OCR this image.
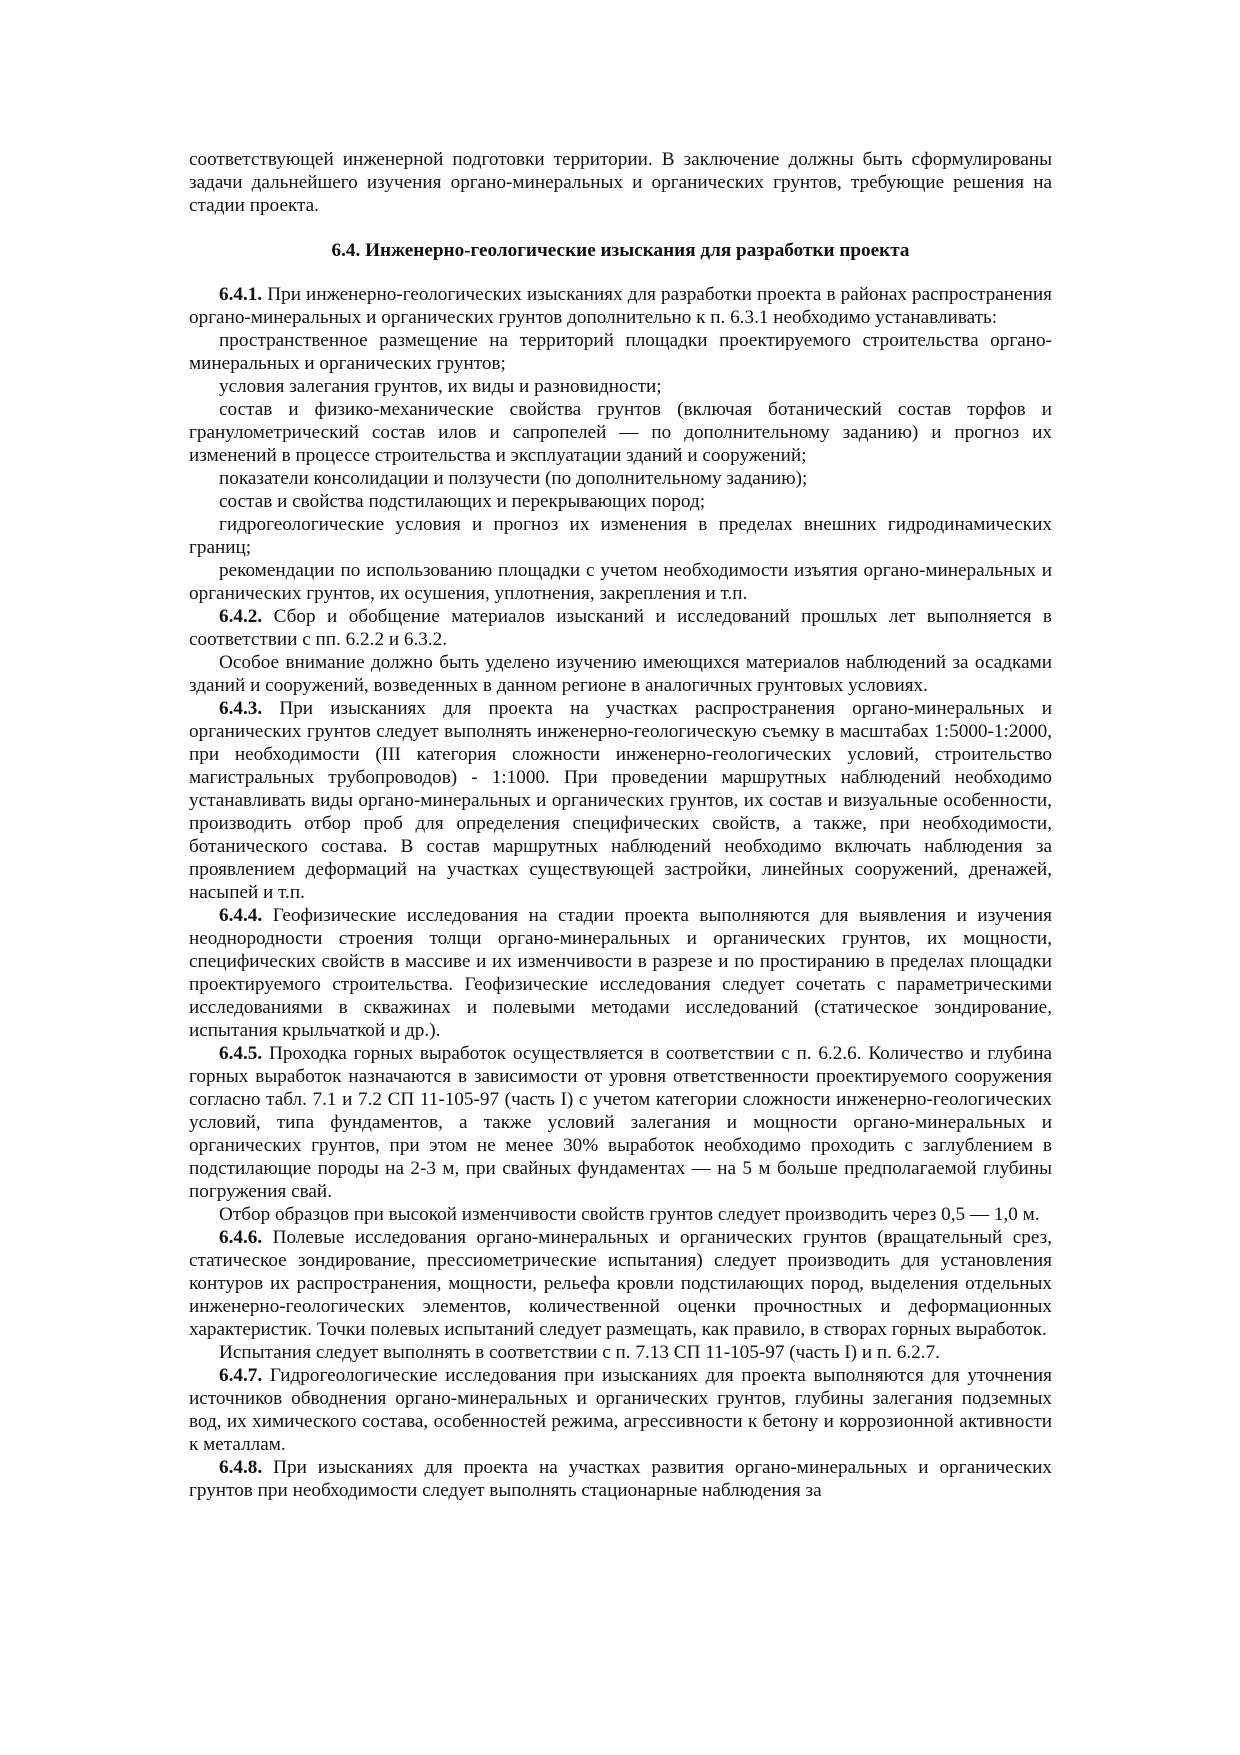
соответствующей инженерной подготовки территории. В заключение должны быть сформулированы задачи дальнейшего изучения органо-минеральных и органических грунтов, требующие решения на стадии проекта.

6.4. Инженерно-геологические изыскания для разработки проекта

6.4.1. При инженерно-геологических изысканиях для разработки проекта в районах распространения органо-минеральных и органических грунтов дополнительно к п. 6.3.1 необходимо устанавливать:

пространственное размещение на территорий площадки проектируемого строительства органо-минеральных и органических грунтов;

условия залегания грунтов, их виды и разновидности;

состав и физико-механические свойства грунтов (включая ботанический состав торфов и гранулометрический состав илов и сапропелей — по дополнительному заданию) и прогноз их изменений в процессе строительства и эксплуатации зданий и сооружений;

показатели консолидации и ползучести (по дополнительному заданию);

состав и свойства подстилающих и перекрывающих пород;

гидрогеологические условия и прогноз их изменения в пределах внешних гидродинамических границ;

рекомендации по использованию площадки с учетом необходимости изъятия органо-минеральных и органических грунтов, их осушения, уплотнения, закрепления и т.п.

6.4.2. Сбор и обобщение материалов изысканий и исследований прошлых лет выполняется в соответствии с пп. 6.2.2 и 6.3.2.

Особое внимание должно быть уделено изучению имеющихся материалов наблюдений за осадками зданий и сооружений, возведенных в данном регионе в аналогичных грунтовых условиях.

6.4.3. При изысканиях для проекта на участках распространения органо-минеральных и органических грунтов следует выполнять инженерно-геологическую съемку в масштабах 1:5000-1:2000, при необходимости (III категория сложности инженерно-геологических условий, строительство магистральных трубопроводов) - 1:1000. При проведении маршрутных наблюдений необходимо устанавливать виды органо-минеральных и органических грунтов, их состав и визуальные особенности, производить отбор проб для определения специфических свойств, а также, при необходимости, ботанического состава. В состав маршрутных наблюдений необходимо включать наблюдения за проявлением деформаций на участках существующей застройки, линейных сооружений, дренажей, насыпей и т.п.

6.4.4. Геофизические исследования на стадии проекта выполняются для выявления и изучения неоднородности строения толщи органо-минеральных и органических грунтов, их мощности, специфических свойств в массиве и их изменчивости в разрезе и по простиранию в пределах площадки проектируемого строительства. Геофизические исследования следует сочетать с параметрическими исследованиями в скважинах и полевыми методами исследований (статическое зондирование, испытания крыльчаткой и др.).

6.4.5. Проходка горных выработок осуществляется в соответствии с п. 6.2.6. Количество и глубина горных выработок назначаются в зависимости от уровня ответственности проектируемого сооружения согласно табл. 7.1 и 7.2 СП 11-105-97 (часть I) с учетом категории сложности инженерно-геологических условий, типа фундаментов, а также условий залегания и мощности органо-минеральных и органических грунтов, при этом не менее 30% выработок необходимо проходить с заглублением в подстилающие породы на 2-3 м, при свайных фундаментах — на 5 м больше предполагаемой глубины погружения свай.

Отбор образцов при высокой изменчивости свойств грунтов следует производить через 0,5 — 1,0 м.

6.4.6. Полевые исследования органо-минеральных и органических грунтов (вращательный срез, статическое зондирование, прессиометрические испытания) следует производить для установления контуров их распространения, мощности, рельефа кровли подстилающих пород, выделения отдельных инженерно-геологических элементов, количественной оценки прочностных и деформационных характеристик. Точки полевых испытаний следует размещать, как правило, в створах горных выработок.

Испытания следует выполнять в соответствии с п. 7.13 СП 11-105-97 (часть I) и п. 6.2.7.

6.4.7. Гидрогеологические исследования при изысканиях для проекта выполняются для уточнения источников обводнения органо-минеральных и органических грунтов, глубины залегания подземных вод, их химического состава, особенностей режима, агрессивности к бетону и коррозионной активности к металлам.

6.4.8. При изысканиях для проекта на участках развития органо-минеральных и органических грунтов при необходимости следует выполнять стационарные наблюдения за
